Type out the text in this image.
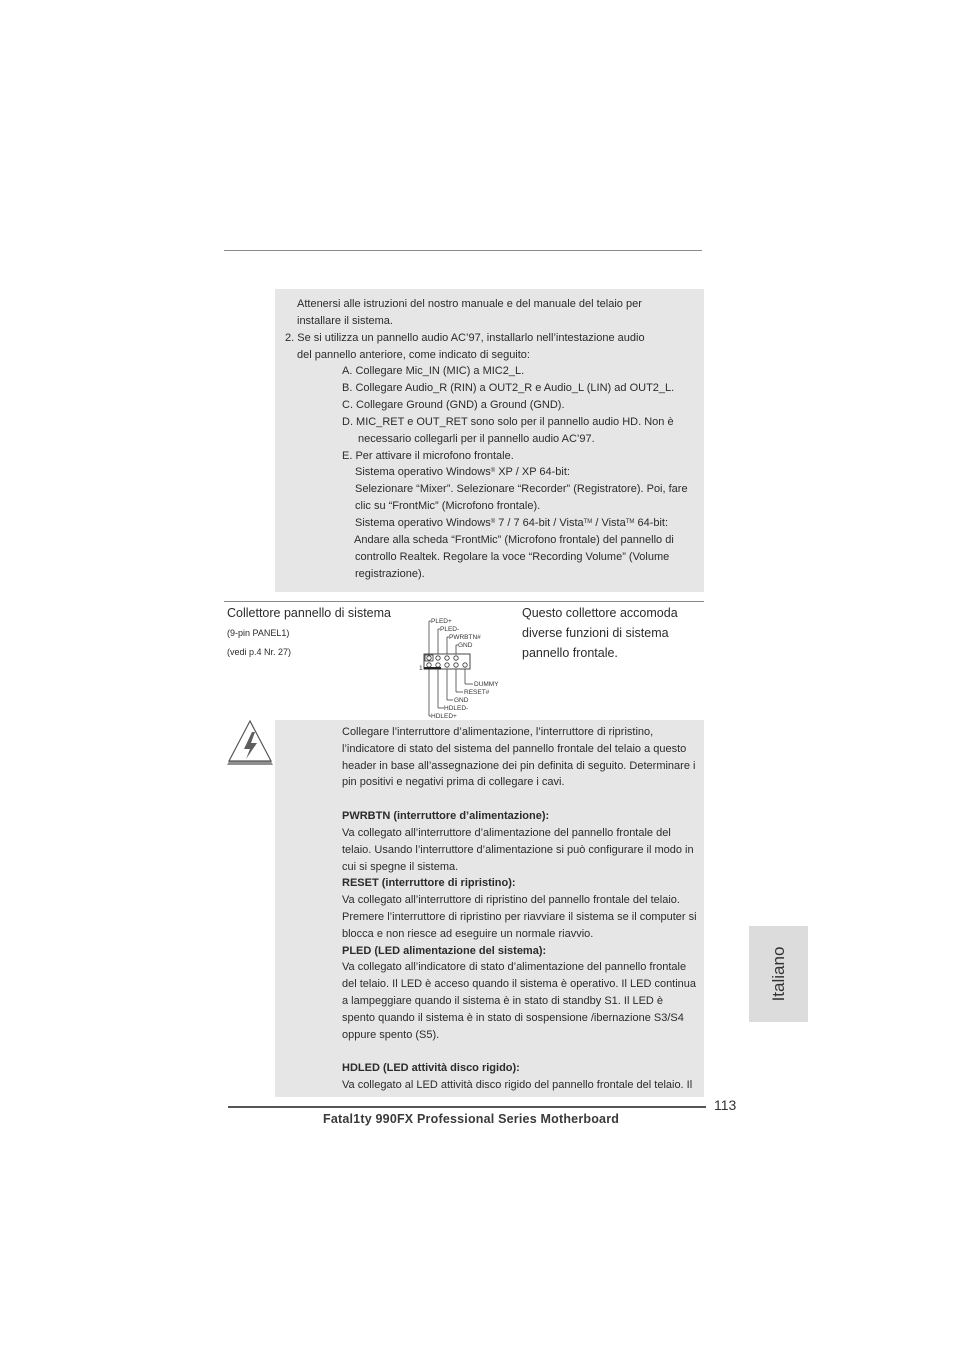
Attenersi alle istruzioni del nostro manuale e del manuale del telaio per
installare il sistema.
2. Se si utilizza un pannello audio AC’97, installarlo nell’intestazione audio
del pannello anteriore, come indicato di seguito:
A. Collegare Mic_IN (MIC) a MIC2_L.
B. Collegare Audio_R (RIN) a OUT2_R e Audio_L (LIN) ad OUT2_L.
C. Collegare Ground (GND) a Ground (GND).
D. MIC_RET e OUT_RET sono solo per il pannello audio HD. Non è
necessario collegarli per il pannello audio AC’97.
E. Per attivare il microfono frontale.
Sistema operativo Windows® XP / XP 64-bit:
Selezionare “Mixer”. Selezionare “Recorder” (Registratore). Poi, fare
clic su “FrontMic” (Microfono frontale).
Sistema operativo Windows® 7 / 7 64-bit / Vista™ / Vista™ 64-bit:
Andare alla scheda “FrontMic” (Microfono frontale) del pannello di
controllo Realtek. Regolare la voce “Recording Volume” (Volume
registrazione).
Collettore pannello di sistema
(9-pin PANEL1)
(vedi p.4 Nr. 27)
Questo collettore accomoda
diverse funzioni di sistema
pannello frontale.
1
PLED+
PLED-
PWRBTN#
GND
DUMMY
RESET#
GND
HDLED-
HDLED+
Collegare l’interruttore d’alimentazione, l’interruttore di ripristino,
l’indicatore di stato del sistema del pannello frontale del telaio a questo
header in base all’assegnazione dei pin definita di seguito. Determinare i
pin positivi e negativi prima di collegare i cavi.
PWRBTN (interruttore d’alimentazione):
Va collegato all’interruttore d’alimentazione del pannello frontale del
telaio. Usando l’interruttore d’alimentazione si può configurare il modo in
cui si spegne il sistema.
RESET (interruttore di ripristino):
Va collegato all’interruttore di ripristino del pannello frontale del telaio.
Premere l’interruttore di ripristino per riavviare il sistema se il computer si
blocca e non riesce ad eseguire un normale riavvio.
PLED (LED alimentazione del sistema):
Va collegato all’indicatore di stato d’alimentazione del pannello frontale
del telaio. Il LED è acceso quando il sistema è operativo. Il LED continua
a lampeggiare quando il sistema è in stato di standby S1. Il LED è
spento quando il sistema è in stato di sospensione /ibernazione S3/S4
oppure spento (S5).
HDLED (LED attività disco rigido):
Va collegato al LED attività disco rigido del pannello frontale del telaio. Il
Italiano
113
Fatal1ty 990FX Professional Series Motherboard
